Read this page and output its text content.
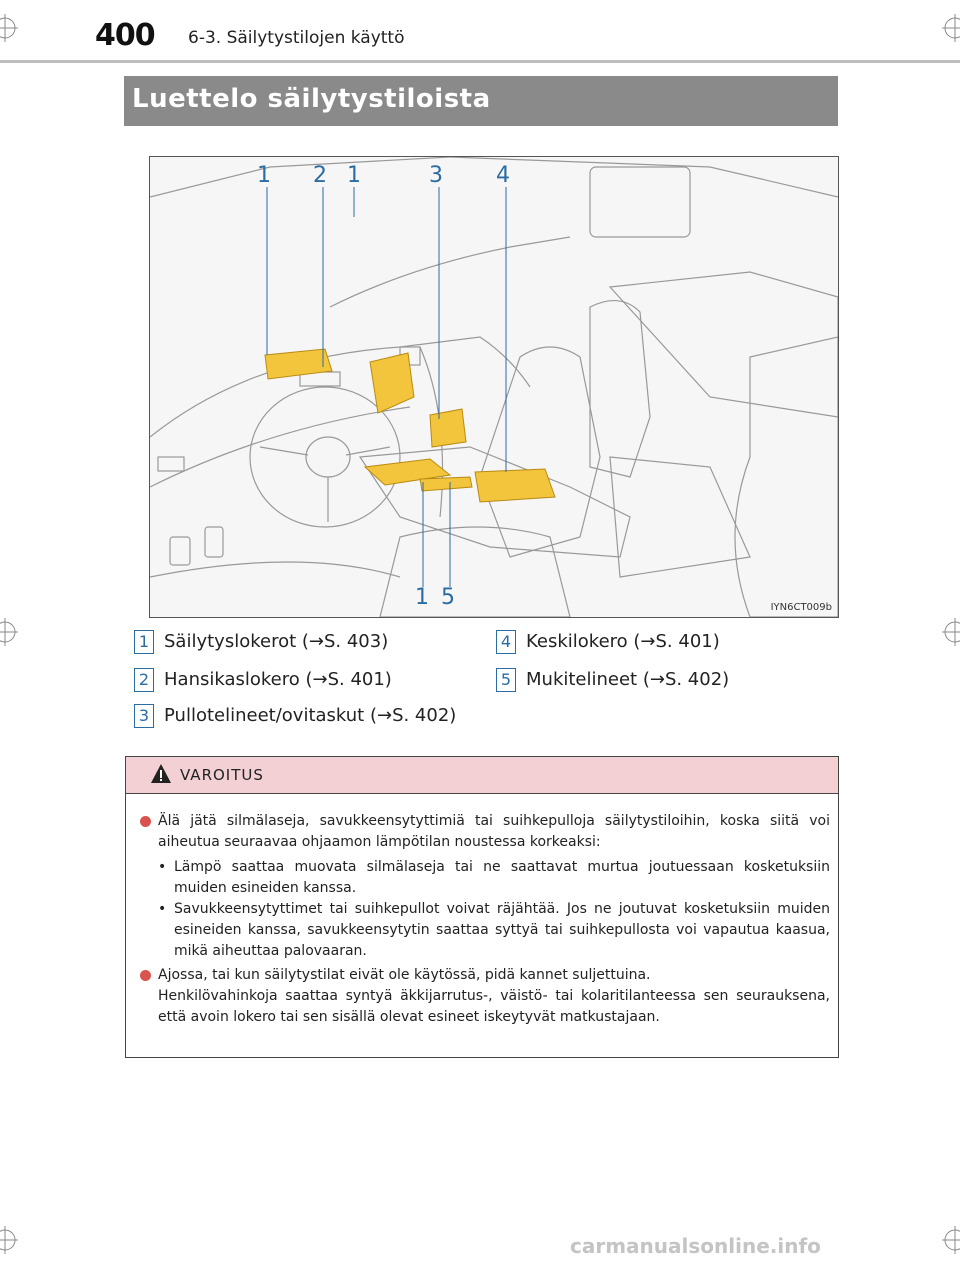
400 6-3. Säilytystilojen käyttö
Luettelo säilytystiloista
1 2 1	3 4
1 5	IYN6CT009b
1 Säilytyslokerot (→S. 403)
2 Hansikaslokero (→S. 401)
3 Pullotelineet/ovitaskut (→S. 402)
4 Keskilokero (→S. 401)
5 Mukitelineet (→S. 402)
VAROITUS
Älä jätä silmälaseja, savukkeensytyttimiä tai suihkepulloja säilytystiloihin, koska siitä voi aiheutua seuraavaa ohjaamon lämpötilan noustessa korkeaksi:
• Lämpö saattaa muovata silmälaseja tai ne saattavat murtua joutuessaan kosketuksiin muiden esineiden kanssa.
• Savukkeensytyttimet tai suihkepullot voivat räjähtää. Jos ne joutuvat kosketuksiin muiden esineiden kanssa, savukkeensytytin saattaa syttyä tai suihkepullosta voi vapautua kaasua, mikä aiheuttaa palovaaran.
Ajossa, tai kun säilytystilat eivät ole käytössä, pidä kannet suljettuina.
Henkilövahinkoja saattaa syntyä äkkijarrutus-, väistö- tai kolaritilanteessa sen seurauksena, että avoin lokero tai sen sisällä olevat esineet iskeytyvät matkustajaan.
carmanualsonline.info
